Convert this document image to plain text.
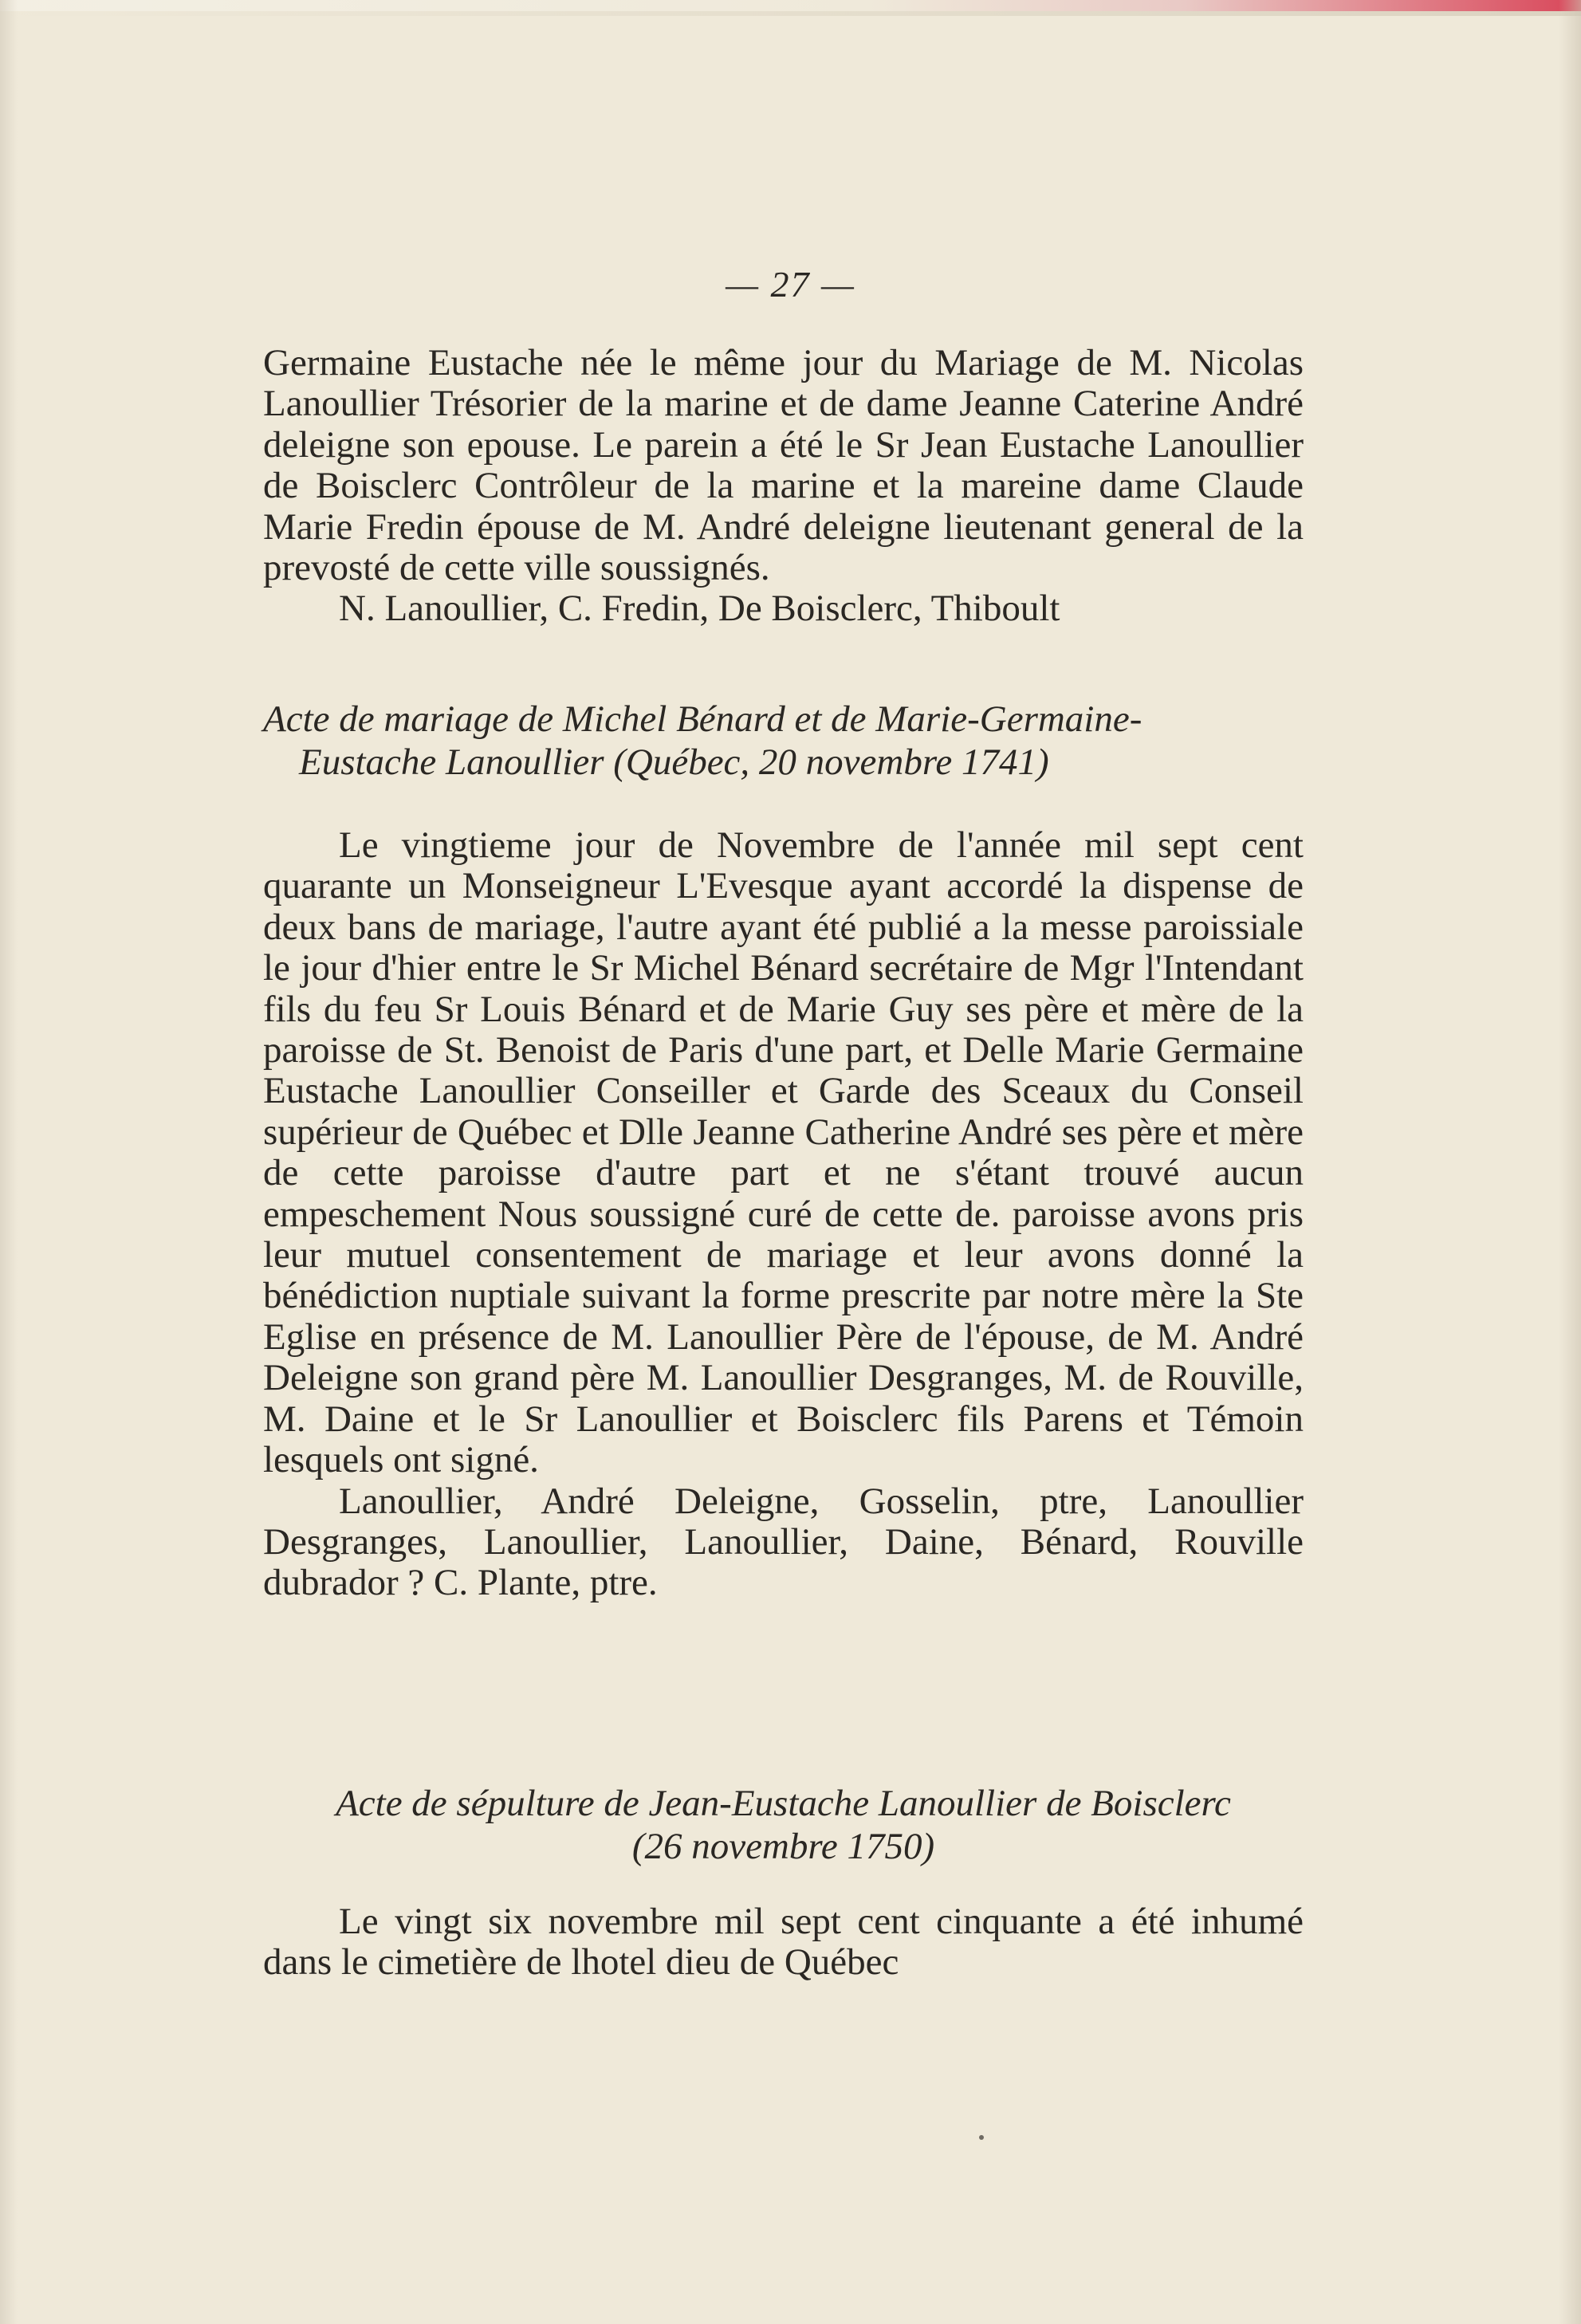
— 27 —

Germaine Eustache née le même jour du Mariage de M. Nicolas Lanoullier Trésorier de la marine et de dame Jeanne Caterine André deleigne son epouse. Le parein a été le Sr Jean Eustache Lanoullier de Boisclerc Contrôleur de la marine et la mareine dame Claude Marie Fredin épouse de M. André deleigne lieutenant general de la prevosté de cette ville soussignés.

N. Lanoullier, C. Fredin, De Boisclerc, Thiboult

Acte de mariage de Michel Bénard et de Marie-Germaine-
Eustache Lanoullier (Québec, 20 novembre 1741)

Le vingtieme jour de Novembre de l'année mil sept cent quarante un Monseigneur L'Evesque ayant accordé la dispense de deux bans de mariage, l'autre ayant été publié a la messe paroissiale le jour d'hier entre le Sr Michel Bénard secrétaire de Mgr l'Intendant fils du feu Sr Louis Bénard et de Marie Guy ses père et mère de la paroisse de St. Benoist de Paris d'une part, et Delle Marie Germaine Eustache Lanoullier Conseiller et Garde des Sceaux du Conseil supérieur de Québec et Dlle Jeanne Catherine André ses père et mère de cette paroisse d'autre part et ne s'étant trouvé aucun empeschement Nous soussigné curé de cette de. paroisse avons pris leur mutuel consentement de mariage et leur avons donné la bénédiction nuptiale suivant la forme prescrite par notre mère la Ste Eglise en présence de M. Lanoullier Père de l'épouse, de M. André Deleigne son grand père M. Lanoullier Desgranges, M. de Rouville, M. Daine et le Sr Lanoullier et Boisclerc fils Parens et Témoin lesquels ont signé.

Lanoullier, André Deleigne, Gosselin, ptre, Lanoullier Desgranges, Lanoullier, Lanoullier, Daine, Bénard, Rouville dubrador ? C. Plante, ptre.

Acte de sépulture de Jean-Eustache Lanoullier de Boisclerc
(26 novembre 1750)

Le vingt six novembre mil sept cent cinquante a été inhumé dans le cimetière de lhotel dieu de Québec
